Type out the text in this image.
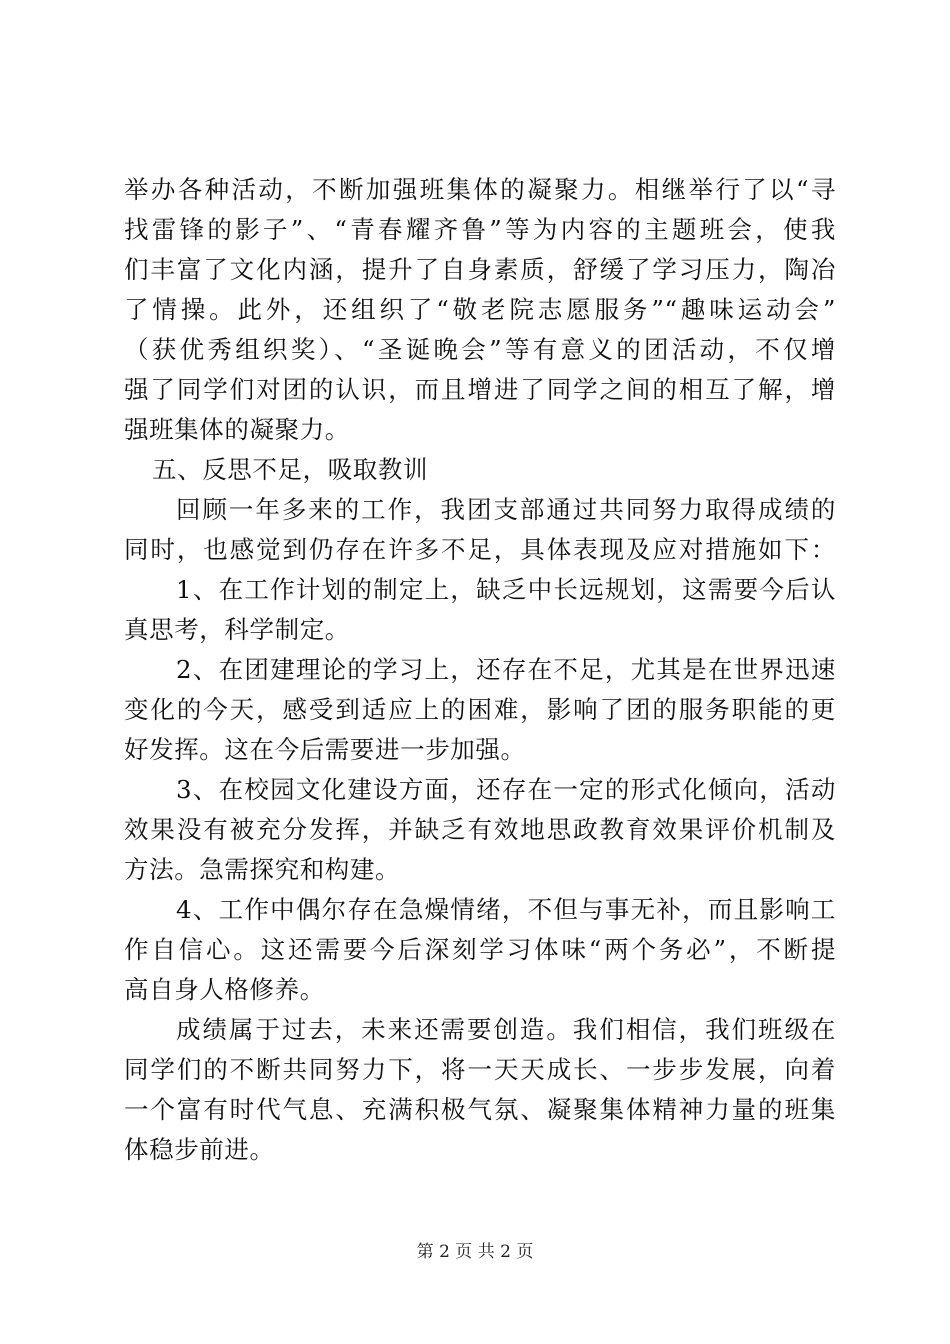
举办各种活动，不断加强班集体的凝聚力。相继举行了以“寻
找雷锋的影子”、“青春耀齐鲁”等为内容的主题班会，使我
们丰富了文化内涵，提升了自身素质，舒缓了学习压力，陶冶
了情操。此外，还组织了“敬老院志愿服务”“趣味运动会”
（获优秀组织奖）、“圣诞晚会”等有意义的团活动，不仅增
强了同学们对团的认识，而且增进了同学之间的相互了解，增
强班集体的凝聚力。
五、反思不足，吸取教训
回顾一年多来的工作，我团支部通过共同努力取得成绩的
同时，也感觉到仍存在许多不足，具体表现及应对措施如下：
1、在工作计划的制定上，缺乏中长远规划，这需要今后认
真思考，科学制定。
2、在团建理论的学习上，还存在不足，尤其是在世界迅速
变化的今天，感受到适应上的困难，影响了团的服务职能的更
好发挥。这在今后需要进一步加强。
3、在校园文化建设方面，还存在一定的形式化倾向，活动
效果没有被充分发挥，并缺乏有效地思政教育效果评价机制及
方法。急需探究和构建。
4、工作中偶尔存在急燥情绪，不但与事无补，而且影响工
作自信心。这还需要今后深刻学习体味“两个务必”，不断提
高自身人格修养。
成绩属于过去，未来还需要创造。我们相信，我们班级在
同学们的不断共同努力下，将一天天成长、一步步发展，向着
一个富有时代气息、充满积极气氛、凝聚集体精神力量的班集
体稳步前进。
第 2 页 共 2 页
